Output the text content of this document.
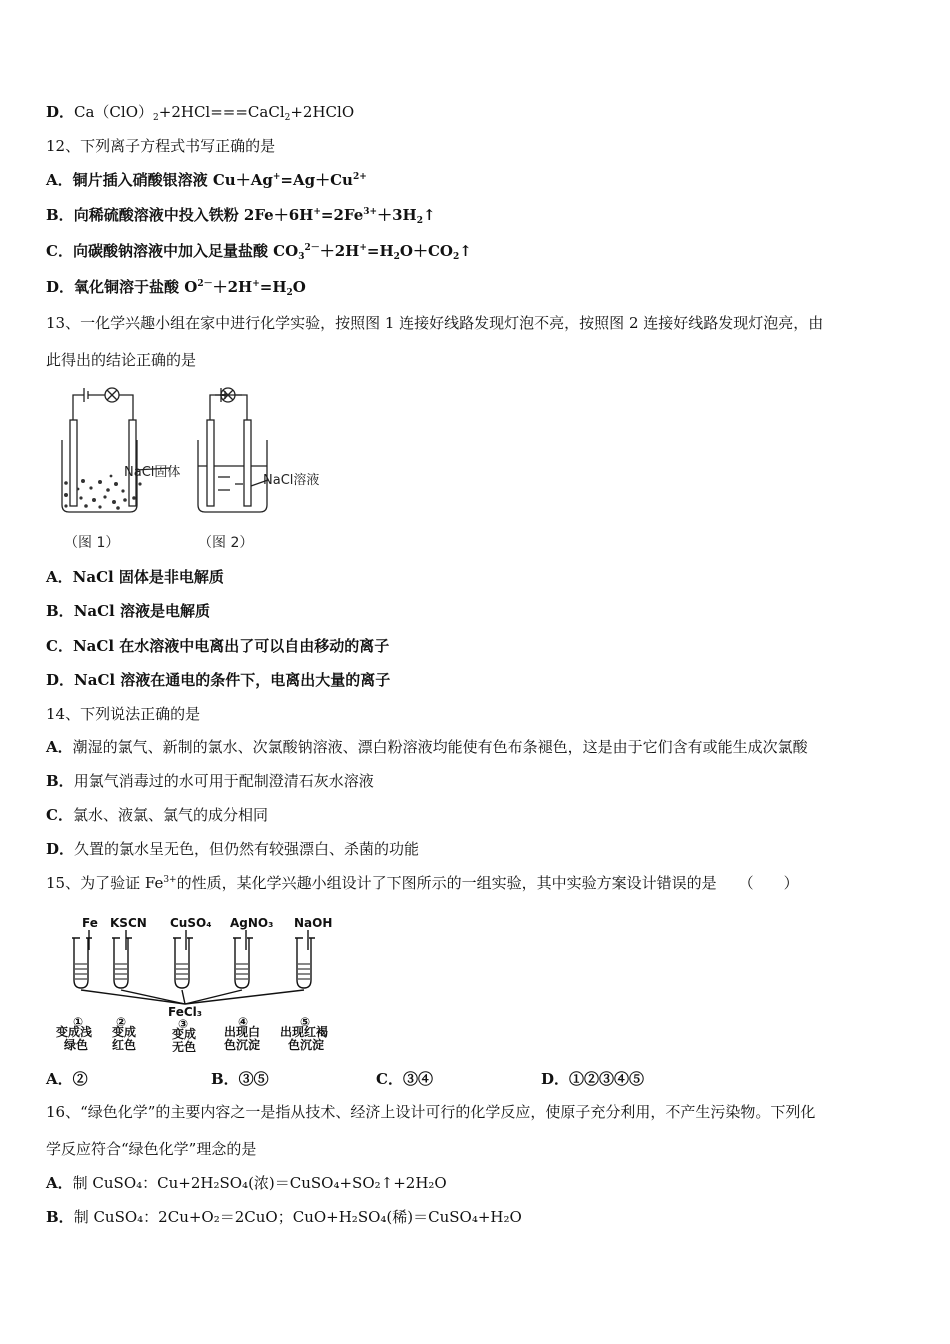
D．$Ca(ClO)_2+2HCl===CaCl_2+2HClO$
12、下列离子方程式书写正确的是
A．铜片插入硝酸银溶液 $Cu+Ag^+=Ag+Cu^{2+}$
B．向稀硫酸溶液中投入铁粉 $2Fe+6H^+=2Fe^{3+}+3H_2↑$
C．向碳酸钠溶液中加入足量盐酸 $CO_3^{2-}+2H^+=H_2O+CO_2↑$
D．氧化铜溶于盐酸 $O^{2-}+2H^+=H_2O$
13、一化学兴趣小组在家中进行化学实验，按照图 1 连接好线路发现灯泡不亮，按照图 2 连接好线路发现灯泡亮，由
此得出的结论正确的是
NaCl固体
（图 1）
NaCl溶液
（图 2）
A．NaCl 固体是非电解质
B．NaCl 溶液是电解质
C．NaCl 在水溶液中电离出了可以自由移动的离子
D．NaCl 溶液在通电的条件下，电离出大量的离子
14、下列说法正确的是
A．潮湿的氯气、新制的氯水、次氯酸钠溶液、漂白粉溶液均能使有色布条褪色，这是由于它们含有或能生成次氯酸
B．用氯气消毒过的水可用于配制澄清石灰水溶液
C．氯水、液氯、氯气的成分相同
D．久置的氯水呈无色，但仍然有较强漂白、杀菌的功能
15、为了验证 $Fe^{3+}$的性质，某化学兴趣小组设计了下图所示的一组实验，其中实验方案设计错误的是 （　　）
Fe KSCN CuSO₄ AgNO₃ NaOH
FeCl₃
①	②	③	④	⑤
变成浅 变成	变成 出现白 出现红褐
绿色 红色	无色 色沉淀 色沉淀
A．②	B．③⑤	C．③④	D．①②③④⑤
16、“绿色化学”的主要内容之一是指从技术、经济上设计可行的化学反应，使原子充分利用，不产生污染物。下列化
学反应符合“绿色化学”理念的是
A．制 CuSO₄：Cu+2H₂SO₄(浓)＝CuSO₄+SO₂↑+2H₂O
B．制 CuSO₄：2Cu+O₂＝2CuO；CuO+H₂SO₄(稀)＝CuSO₄+H₂O
